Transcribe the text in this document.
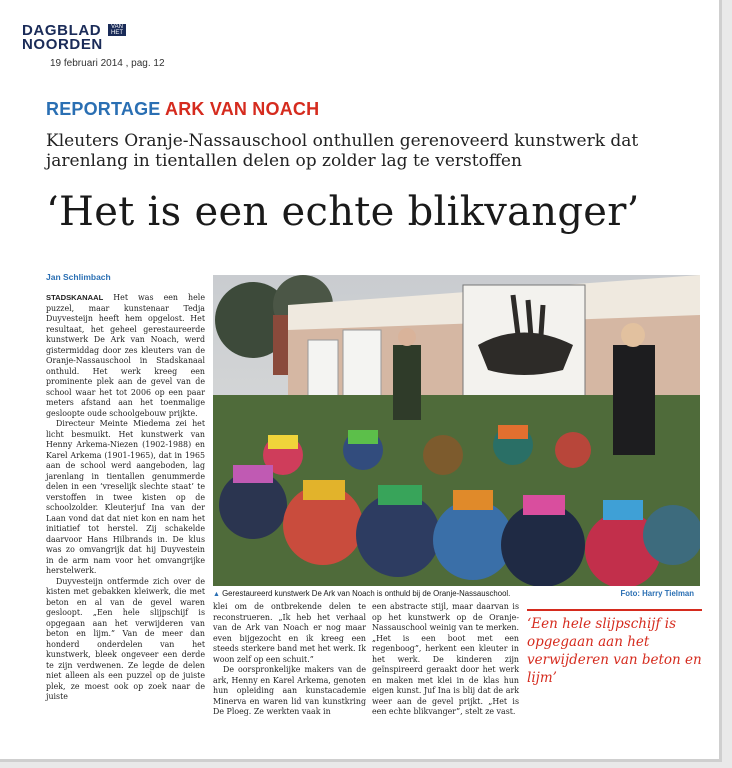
DAGBLAD
NOORDEN
VAN HET
19 februari 2014 , pag. 12
REPORTAGE ARK VAN NOACH
Kleuters Oranje-Nassauschool onthullen gerenoveerd kunstwerk dat jarenlang in tientallen delen op zolder lag te verstoffen
‘Het is een echte blikvanger’
Jan Schlimbach

STADSKANAAL Het was een hele puzzel, maar kunstenaar Tedja Duyvesteijn heeft hem opgelost. Het resultaat, het geheel gerestaureerde kunstwerk De Ark van Noach, werd gistermiddag door zes kleuters van de Oranje-Nassauschool in Stadskanaal onthuld. Het werk kreeg een prominente plek aan de gevel van de school waar het tot 2006 op een paar meters afstand aan het toenmalige gesloopte oude schoolgebouw prijkte.

Directeur Meinte Miedema zei het licht besmuikt. Het kunstwerk van Henny Arkema-Niezen (1902-1988) en Karel Arkema (1901-1965), dat in 1965 aan de school werd aangeboden, lag jarenlang in tientallen genummerde delen in een ‘vreselijk slechte staat’ te verstoffen in twee kisten op de schoolzolder. Kleuterjuf Ina van der Laan vond dat dat niet kon en nam het initiatief tot herstel. Zij schakelde daarvoor Hans Hilbrands in. De klus was zo omvangrijk dat hij Duyvestein in de arm nam voor het omvangrijke herstelwerk.

Duyvesteijn ontfermde zich over de kisten met gebakken kleiwerk, die met beton en al van de gevel waren gesloopt. „Een hele slijpschijf is opgegaan aan het verwijderen van beton en lijm.” Van de meer dan honderd onderdelen van het kunstwerk, bleek ongeveer een derde te zijn verdwenen. Ze legde de delen niet alleen als een puzzel op de juiste plek, ze moest ook op zoek naar de juiste

▲ Gerestaureerd kunstwerk De Ark van Noach is onthuld bij de Oranje-Nassauschool.	Foto: Harry Tielman

klei om de ontbrekende delen te reconstrueren. „Ik heb het verhaal van de Ark van Noach er nog maar even bijgezocht en ik kreeg een steeds sterkere band met het werk. Ik woon zelf op een schuit.”

De oorspronkelijke makers van de ark, Henny en Karel Arkema, genoten hun opleiding aan kunstacademie Minerva en waren lid van kunstkring De Ploeg. Ze werkten vaak in

een abstracte stijl, maar daarvan is op het kunstwerk op de Oranje-Nassauschool weinig van te merken. „Het is een boot met een regenboog”, herkent een kleuter in het werk. De kinderen zijn geïnspireerd geraakt door het werk en maken met klei in de klas hun eigen kunst. Juf Ina is blij dat de ark weer aan de gevel prijkt. „Het is een echte blikvanger”, stelt ze vast.

‘Een hele slijpschijf is opgegaan aan het verwijderen van beton en lijm’
